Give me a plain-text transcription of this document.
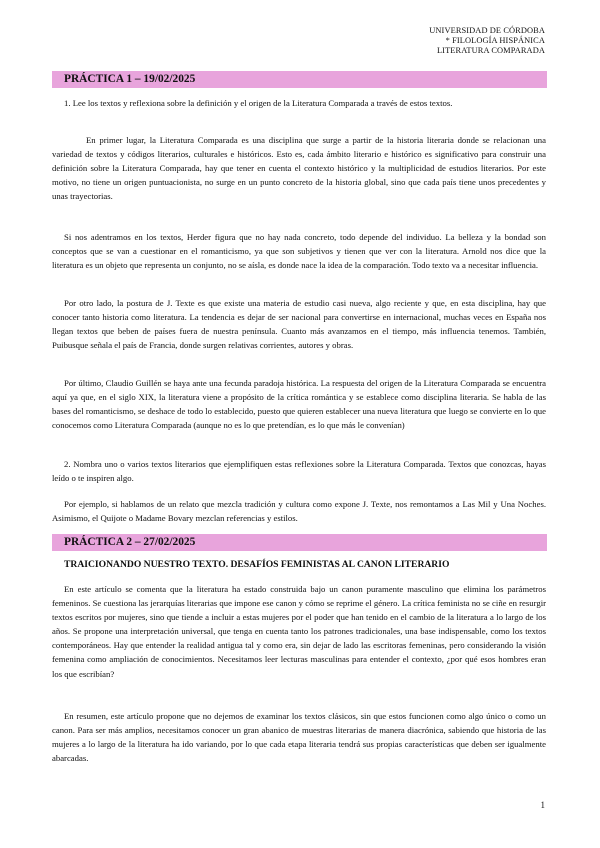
UNIVERSIDAD DE CÓRDOBA
* FILOLOGÍA HISPÁNICA
LITERATURA COMPARADA
PRÁCTICA 1 – 19/02/2025
1. Lee los textos y reflexiona sobre la definición y el origen de la Literatura Comparada a través de estos textos.
En primer lugar, la Literatura Comparada es una disciplina que surge a partir de la historia literaria donde se relacionan una variedad de textos y códigos literarios, culturales e históricos. Esto es, cada ámbito literario e histórico es significativo para construir una definición sobre la Literatura Comparada, hay que tener en cuenta el contexto histórico y la multiplicidad de estudios literarios. Por este motivo, no tiene un origen puntuacionista, no surge en un punto concreto de la historia global, sino que cada país tiene unos precedentes y unas trayectorias.
Si nos adentramos en los textos, Herder figura que no hay nada concreto, todo depende del individuo. La belleza y la bondad son conceptos que se van a cuestionar en el romanticismo, ya que son subjetivos y tienen que ver con la literatura. Arnold nos dice que la literatura es un objeto que representa un conjunto, no se aísla, es donde nace la idea de la comparación. Todo texto va a necesitar influencia.
Por otro lado, la postura de J. Texte es que existe una materia de estudio casi nueva, algo reciente y que, en esta disciplina, hay que conocer tanto historia como literatura. La tendencia es dejar de ser nacional para convertirse en internacional, muchas veces en España nos llegan textos que beben de países fuera de nuestra península. Cuanto más avanzamos en el tiempo, más influencia tenemos. También, Puibusque señala el país de Francia, donde surgen relativas corrientes, autores y obras.
Por último, Claudio Guillén se haya ante una fecunda paradoja histórica. La respuesta del origen de la Literatura Comparada se encuentra aquí ya que, en el siglo XIX, la literatura viene a propósito de la crítica romántica y se establece como disciplina literaria. Se habla de las bases del romanticismo, se deshace de todo lo establecido, puesto que quieren establecer una nueva literatura que luego se convierte en lo que conocemos como Literatura Comparada (aunque no es lo que pretendían, es lo que más le convenían)
2. Nombra uno o varios textos literarios que ejemplifiquen estas reflexiones sobre la Literatura Comparada. Textos que conozcas, hayas leído o te inspiren algo.
Por ejemplo, si hablamos de un relato que mezcla tradición y cultura como expone J. Texte, nos remontamos a Las Mil y Una Noches. Asimismo, el Quijote o Madame Bovary mezclan referencias y estilos.
PRÁCTICA 2 – 27/02/2025
TRAICIONANDO NUESTRO TEXTO. DESAFÍOS FEMINISTAS AL CANON LITERARIO
En este artículo se comenta que la literatura ha estado construida bajo un canon puramente masculino que elimina los parámetros femeninos. Se cuestiona las jerarquías literarias que impone ese canon y cómo se reprime el género. La crítica feminista no se ciñe en resurgir textos escritos por mujeres, sino que tiende a incluir a estas mujeres por el poder que han tenido en el cambio de la literatura a lo largo de los años. Se propone una interpretación universal, que tenga en cuenta tanto los patrones tradicionales, una base indispensable, como los textos contemporáneos. Hay que entender la realidad antigua tal y como era, sin dejar de lado las escritoras femeninas, pero considerando la visión femenina como ampliación de conocimientos. Necesitamos leer lecturas masculinas para entender el contexto, ¿por qué esos hombres eran los que escribían?
En resumen, este artículo propone que no dejemos de examinar los textos clásicos, sin que estos funcionen como algo único o como un canon. Para ser más amplios, necesitamos conocer un gran abanico de muestras literarias de manera diacrónica, sabiendo que historia de las mujeres a lo largo de la literatura ha ido variando, por lo que cada etapa literaria tendrá sus propias características que deben ser igualmente abarcadas.
1
